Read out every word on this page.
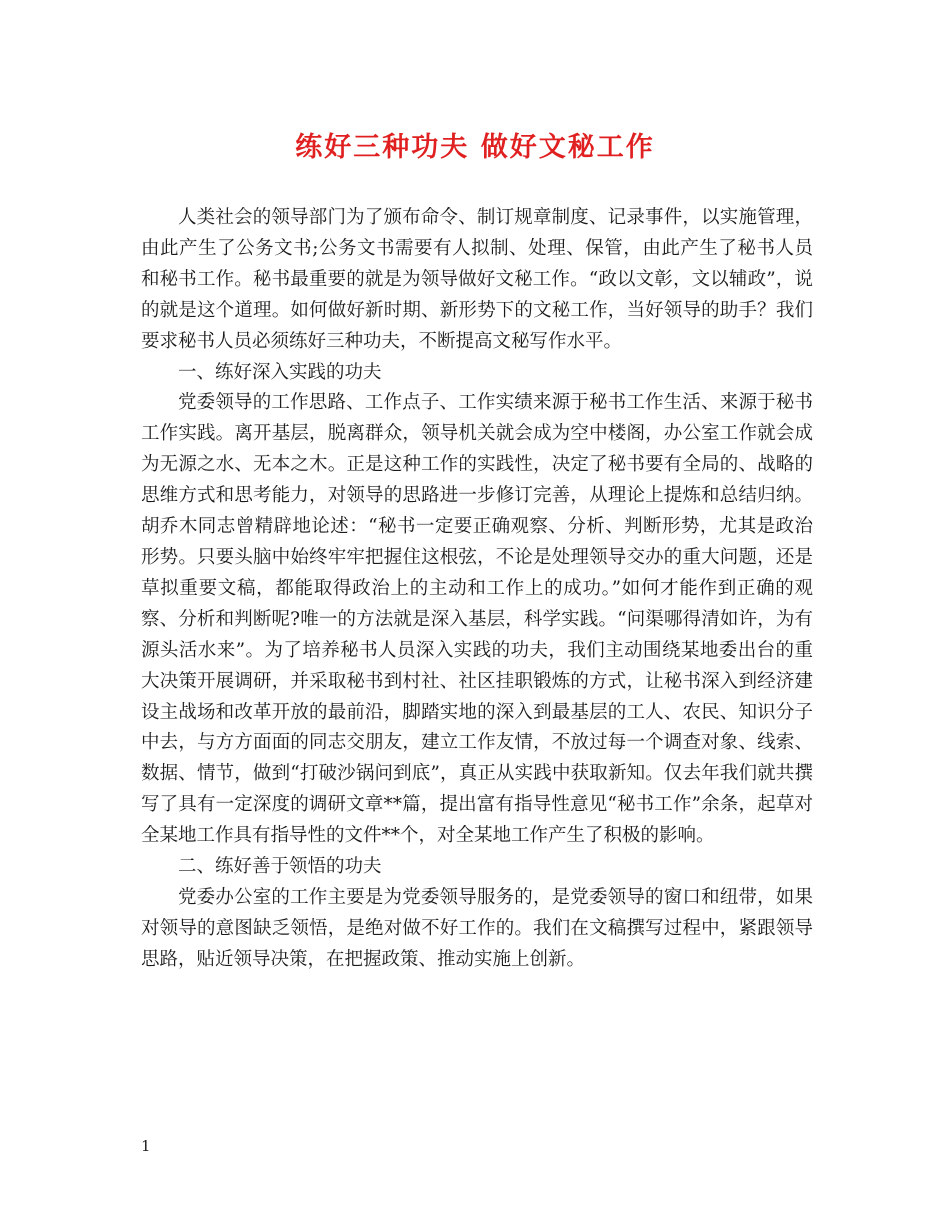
练好三种功夫 做好文秘工作

人类社会的领导部门为了颁布命令、制订规章制度、记录事件，以实施管理，由此产生了公务文书;公务文书需要有人拟制、处理、保管，由此产生了秘书人员和秘书工作。秘书最重要的就是为领导做好文秘工作。“政以文彰，文以辅政”，说的就是这个道理。如何做好新时期、新形势下的文秘工作，当好领导的助手？我们要求秘书人员必须练好三种功夫，不断提高文秘写作水平。

一、练好深入实践的功夫

党委领导的工作思路、工作点子、工作实绩来源于秘书工作生活、来源于秘书工作实践。离开基层，脱离群众，领导机关就会成为空中楼阁，办公室工作就会成为无源之水、无本之木。正是这种工作的实践性，决定了秘书要有全局的、战略的思维方式和思考能力，对领导的思路进一步修订完善，从理论上提炼和总结归纳。胡乔木同志曾精辟地论述：“秘书一定要正确观察、分析、判断形势，尤其是政治形势。只要头脑中始终牢牢把握住这根弦，不论是处理领导交办的重大问题，还是草拟重要文稿，都能取得政治上的主动和工作上的成功。”如何才能作到正确的观察、分析和判断呢?唯一的方法就是深入基层，科学实践。“问渠哪得清如许，为有源头活水来”。为了培养秘书人员深入实践的功夫，我们主动围绕某地委出台的重大决策开展调研，并采取秘书到村社、社区挂职锻炼的方式，让秘书深入到经济建设主战场和改革开放的最前沿，脚踏实地的深入到最基层的工人、农民、知识分子中去，与方方面面的同志交朋友，建立工作友情，不放过每一个调查对象、线索、数据、情节，做到“打破沙锅问到底”，真正从实践中获取新知。仅去年我们就共撰写了具有一定深度的调研文章**篇，提出富有指导性意见“秘书工作”余条，起草对全某地工作具有指导性的文件**个，对全某地工作产生了积极的影响。

二、练好善于领悟的功夫

党委办公室的工作主要是为党委领导服务的，是党委领导的窗口和纽带，如果对领导的意图缺乏领悟，是绝对做不好工作的。我们在文稿撰写过程中，紧跟领导思路，贴近领导决策，在把握政策、推动实施上创新。

1
